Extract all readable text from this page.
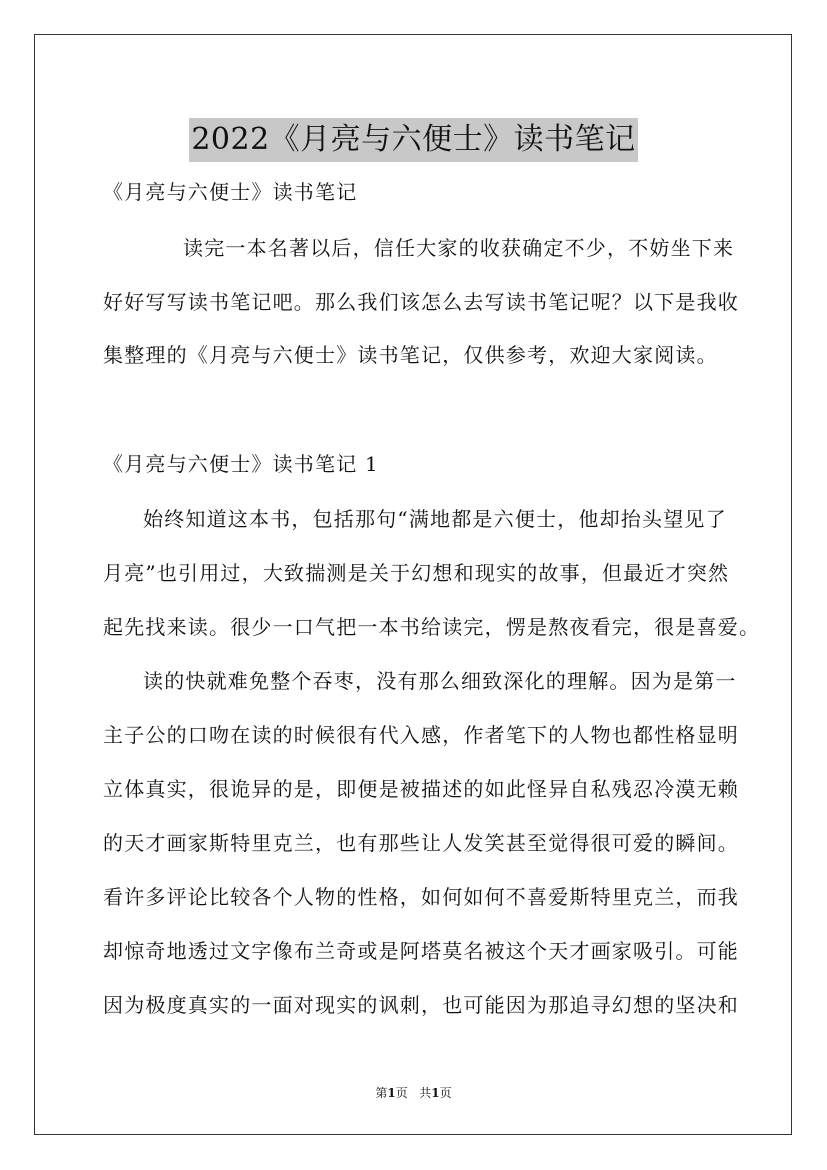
2022《月亮与六便士》读书笔记
《月亮与六便士》读书笔记
读完一本名著以后，信任大家的收获确定不少，不妨坐下来
好好写写读书笔记吧。那么我们该怎么去写读书笔记呢？以下是我收
集整理的《月亮与六便士》读书笔记，仅供参考，欢迎大家阅读。
《月亮与六便士》读书笔记 1
始终知道这本书，包括那句“满地都是六便士，他却抬头望见了
月亮”也引用过，大致揣测是关于幻想和现实的故事，但最近才突然
起先找来读。很少一口气把一本书给读完，愣是熬夜看完，很是喜爱。
读的快就难免整个吞枣，没有那么细致深化的理解。因为是第一
主子公的口吻在读的时候很有代入感，作者笔下的人物也都性格显明
立体真实，很诡异的是，即便是被描述的如此怪异自私残忍冷漠无赖
的天才画家斯特里克兰，也有那些让人发笑甚至觉得很可爱的瞬间。
看许多评论比较各个人物的性格，如何如何不喜爱斯特里克兰，而我
却惊奇地透过文字像布兰奇或是阿塔莫名被这个天才画家吸引。可能
因为极度真实的一面对现实的讽刺，也可能因为那追寻幻想的坚决和
第1页 共1页
